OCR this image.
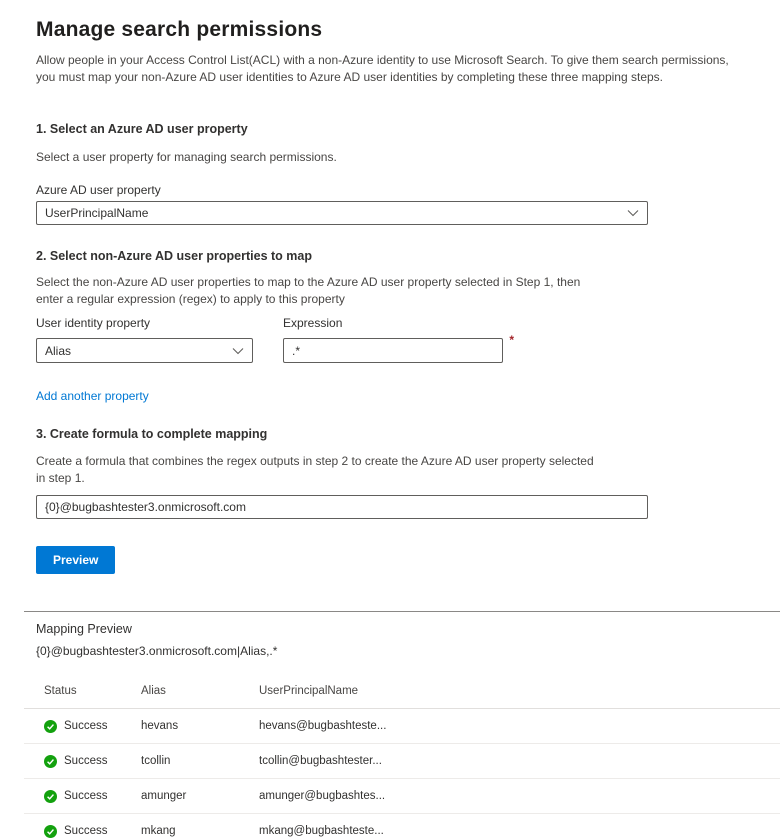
Manage search permissions

Allow people in your Access Control List(ACL) with a non-Azure identity to use Microsoft Search. To give them search permissions, you must map your non-Azure AD user identities to Azure AD user identities by completing these three mapping steps.

1. Select an Azure AD user property
Select a user property for managing search permissions.
Azure AD user property
UserPrincipalName
2. Select non-Azure AD user properties to map
Select the non-Azure AD user properties to map to the Azure AD user property selected in Step 1, then enter a regular expression (regex) to apply to this property
User identity property
Alias
Expression
.*
*
Add another property
3. Create formula to complete mapping
Create a formula that combines the regex outputs in step 2 to create the Azure AD user property selected in step 1.
{0}@bugbashtester3.onmicrosoft.com
Preview
Mapping Preview
{0}@bugbashtester3.onmicrosoft.com|Alias,.*
Status	Alias	UserPrincipalName
Success	hevans	hevans@bugbashteste...
Success	tcollin	tcollin@bugbashtester...
Success	amunger	amunger@bugbashtes...
Success	mkang	mkang@bugbashteste...
